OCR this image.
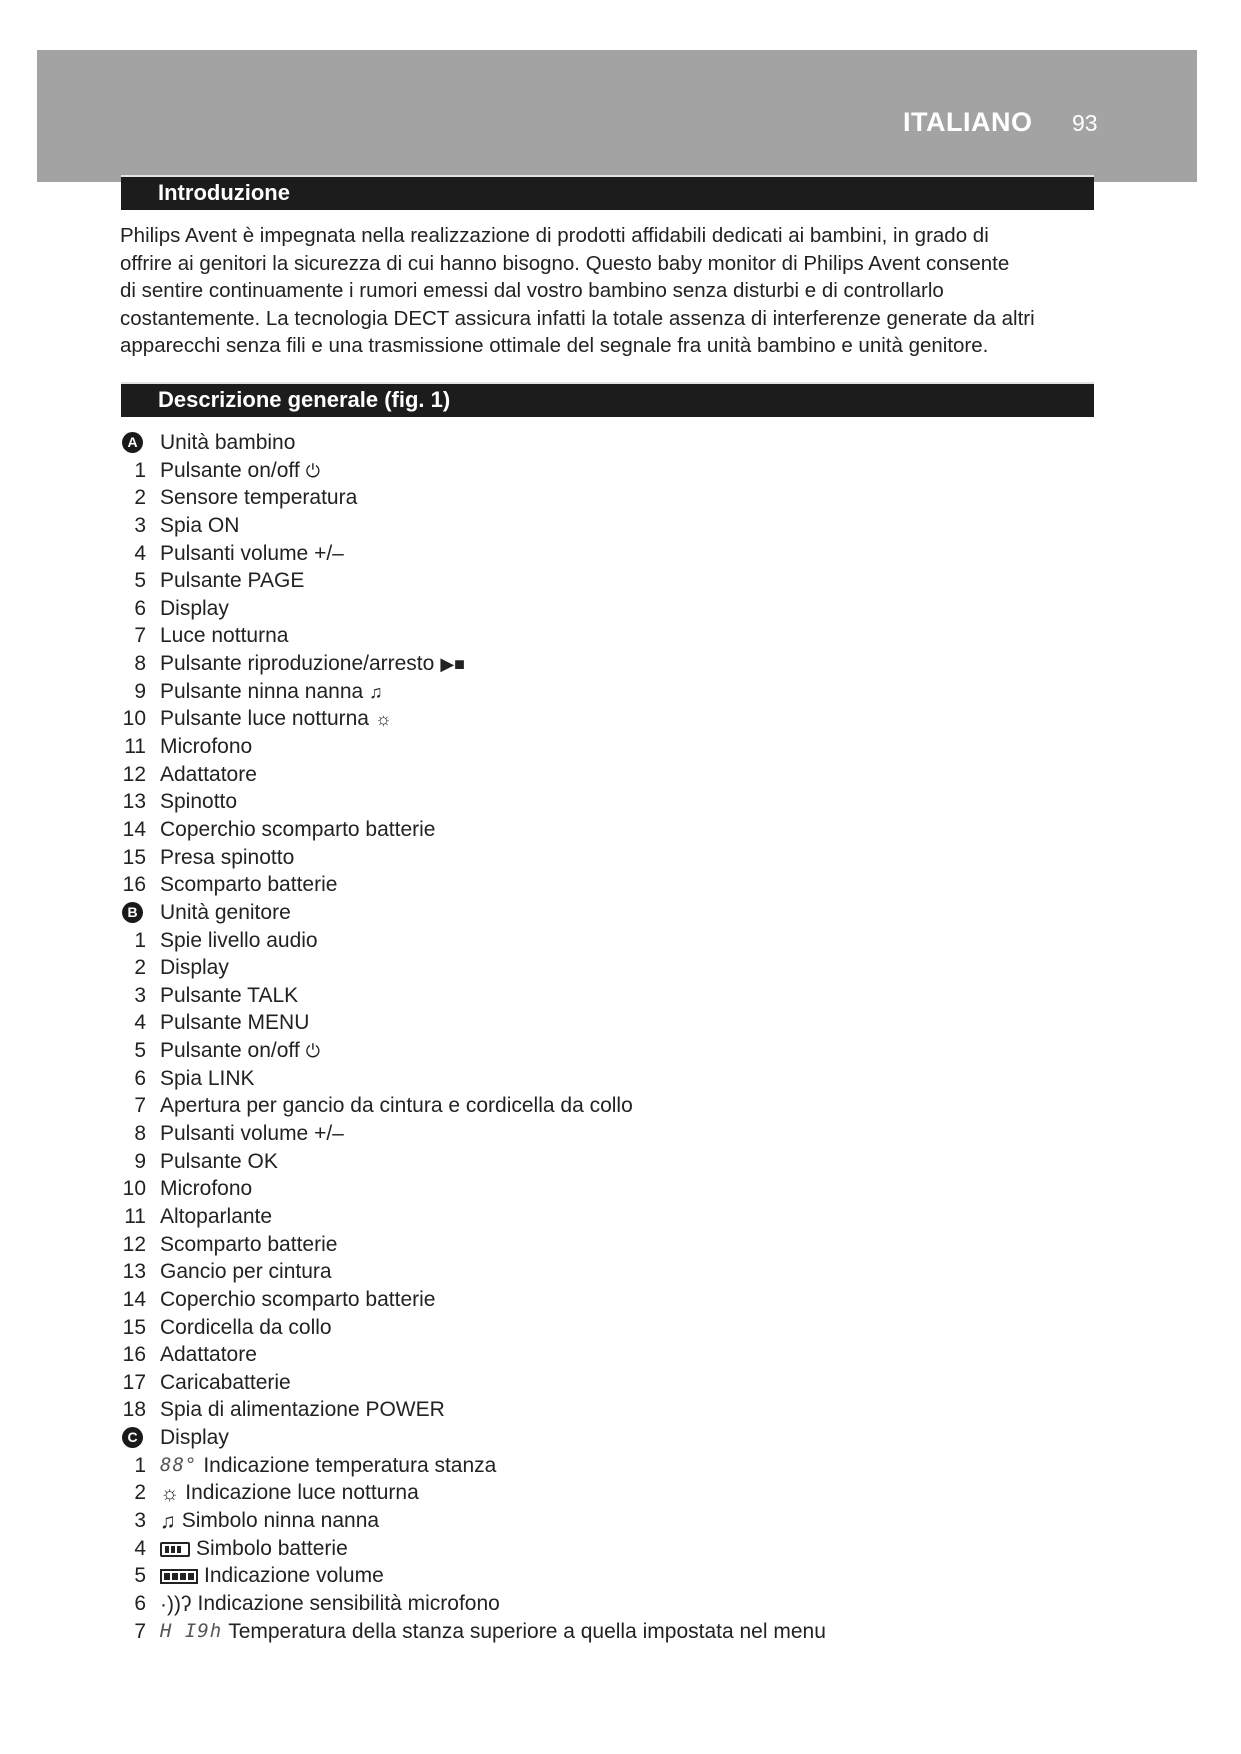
ITALIANO 93
Introduzione
Philips Avent è impegnata nella realizzazione di prodotti affidabili dedicati ai bambini, in grado di
offrire ai genitori la sicurezza di cui hanno bisogno. Questo baby monitor di Philips Avent consente
di sentire continuamente i rumori emessi dal vostro bambino senza disturbi e di controllarlo
costantemente. La tecnologia DECT assicura infatti la totale assenza di interferenze generate da altri
apparecchi senza fili e una trasmissione ottimale del segnale fra unità bambino e unità genitore.
Descrizione generale (fig. 1)
A Unità bambino
1 Pulsante on/off ⏻
2 Sensore temperatura
3 Spia ON
4 Pulsanti volume +/–
5 Pulsante PAGE
6 Display
7 Luce notturna
8 Pulsante riproduzione/arresto ▶■
9 Pulsante ninna nanna ♫
10 Pulsante luce notturna ☼
11 Microfono
12 Adattatore
13 Spinotto
14 Coperchio scomparto batterie
15 Presa spinotto
16 Scomparto batterie
B Unità genitore
1 Spie livello audio
2 Display
3 Pulsante TALK
4 Pulsante MENU
5 Pulsante on/off ⏻
6 Spia LINK
7 Apertura per gancio da cintura e cordicella da collo
8 Pulsanti volume +/–
9 Pulsante OK
10 Microfono
11 Altoparlante
12 Scomparto batterie
13 Gancio per cintura
14 Coperchio scomparto batterie
15 Cordicella da collo
16 Adattatore
17 Caricabatterie
18 Spia di alimentazione POWER
C Display
1 88° Indicazione temperatura stanza
2 ☼ Indicazione luce notturna
3 ♫ Simbolo ninna nanna
4	Simbolo batterie
5	Indicazione volume
6 ·))ʔ Indicazione sensibilità microfono
7 H I9h Temperatura della stanza superiore a quella impostata nel menu
